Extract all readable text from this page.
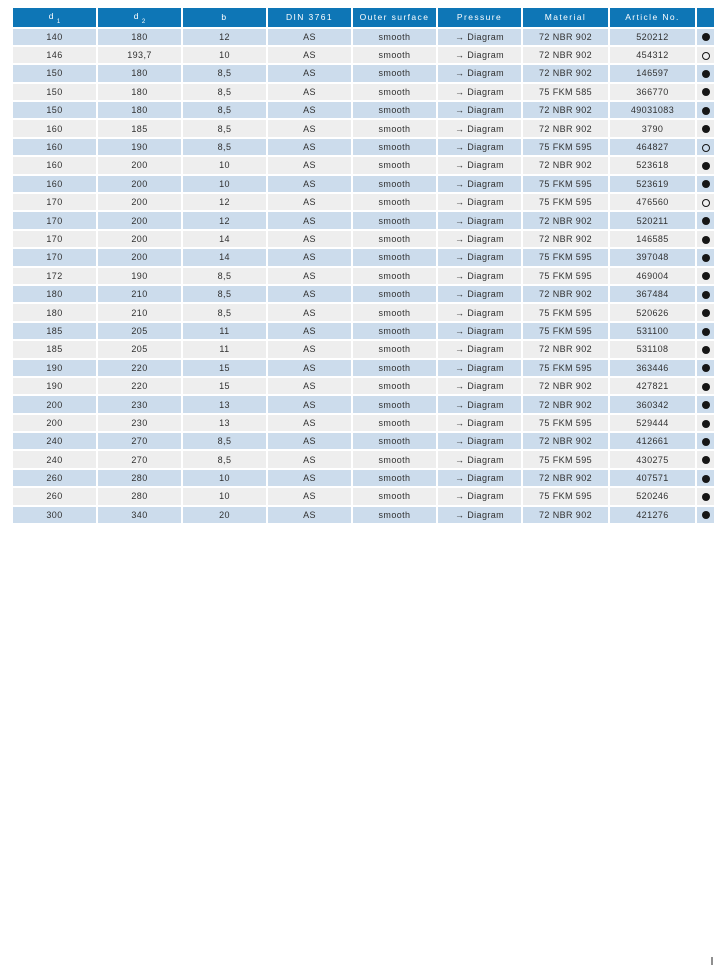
$d_1$	$d_2$	b	DIN 3761	Outer surface	Pressure	Material	Article No.	
140	180	12	AS	smooth	→ Diagram	72 NBR 902	520212	
146	193,7	10	AS	smooth	→ Diagram	72 NBR 902	454312	
150	180	8,5	AS	smooth	→ Diagram	72 NBR 902	146597	
150	180	8,5	AS	smooth	→ Diagram	75 FKM 585	366770	
150	180	8,5	AS	smooth	→ Diagram	72 NBR 902	49031083	
160	185	8,5	AS	smooth	→ Diagram	72 NBR 902	3790	
160	190	8,5	AS	smooth	→ Diagram	75 FKM 595	464827	
160	200	10	AS	smooth	→ Diagram	72 NBR 902	523618	
160	200	10	AS	smooth	→ Diagram	75 FKM 595	523619	
170	200	12	AS	smooth	→ Diagram	75 FKM 595	476560	
170	200	12	AS	smooth	→ Diagram	72 NBR 902	520211	
170	200	14	AS	smooth	→ Diagram	72 NBR 902	146585	
170	200	14	AS	smooth	→ Diagram	75 FKM 595	397048	
172	190	8,5	AS	smooth	→ Diagram	75 FKM 595	469004	
180	210	8,5	AS	smooth	→ Diagram	72 NBR 902	367484	
180	210	8,5	AS	smooth	→ Diagram	75 FKM 595	520626	
185	205	11	AS	smooth	→ Diagram	75 FKM 595	531100	
185	205	11	AS	smooth	→ Diagram	72 NBR 902	531108	
190	220	15	AS	smooth	→ Diagram	75 FKM 595	363446	
190	220	15	AS	smooth	→ Diagram	72 NBR 902	427821	
200	230	13	AS	smooth	→ Diagram	72 NBR 902	360342	
200	230	13	AS	smooth	→ Diagram	75 FKM 595	529444	
240	270	8,5	AS	smooth	→ Diagram	72 NBR 902	412661	
240	270	8,5	AS	smooth	→ Diagram	75 FKM 595	430275	
260	280	10	AS	smooth	→ Diagram	72 NBR 902	407571	
260	280	10	AS	smooth	→ Diagram	75 FKM 595	520246	
300	340	20	AS	smooth	→ Diagram	72 NBR 902	421276	
